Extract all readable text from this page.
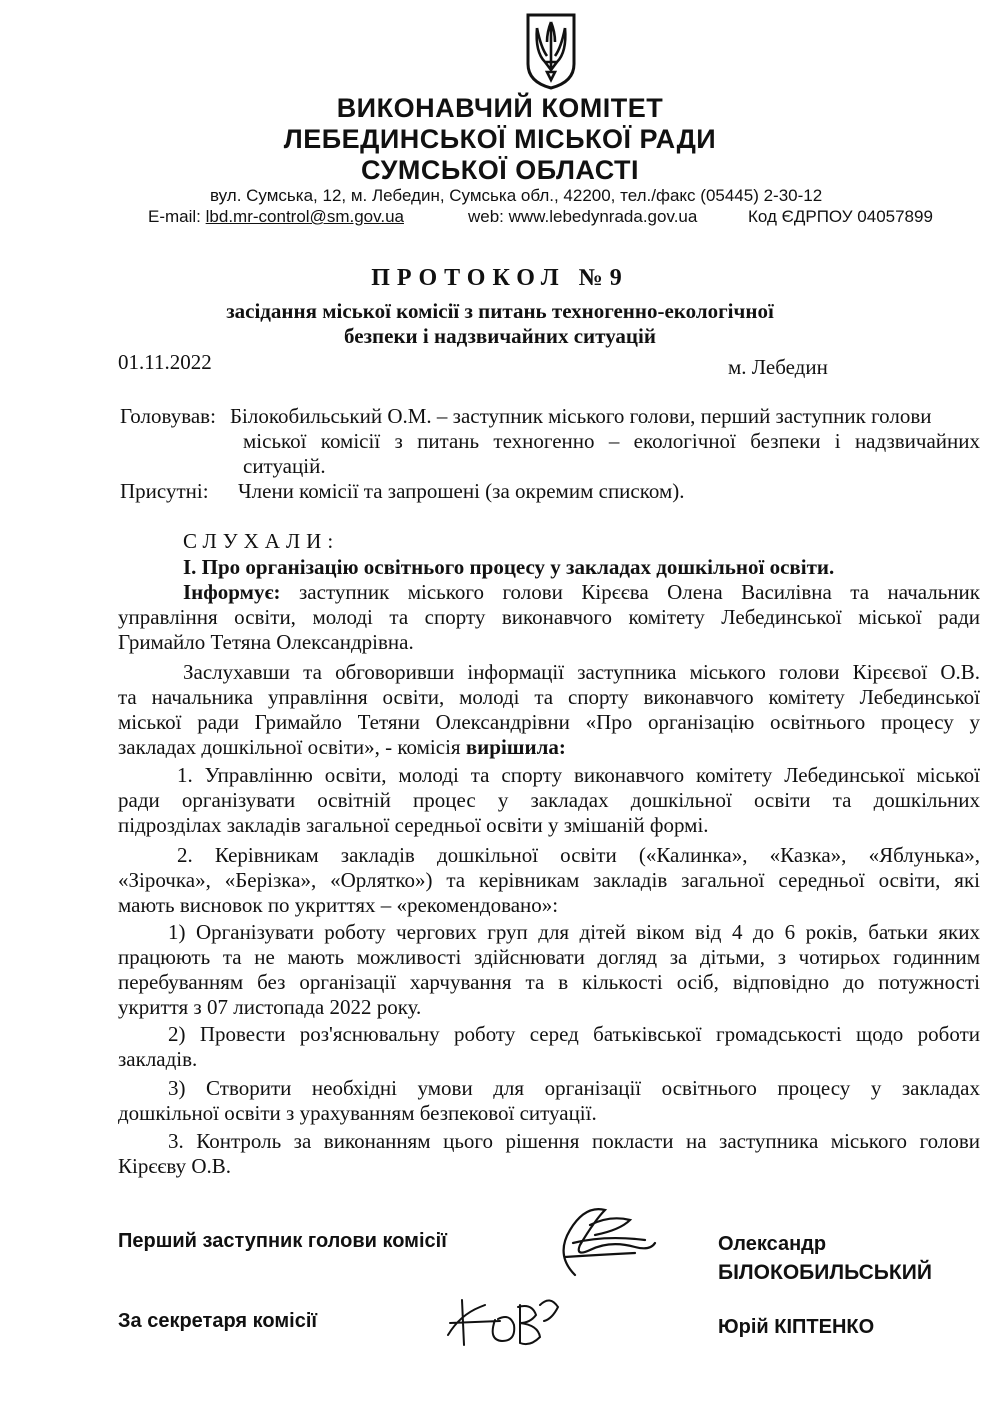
ВИКОНАВЧИЙ КОМІТЕТ
ЛЕБЕДИНСЬКОЇ МІСЬКОЇ РАДИ
СУМСЬКОЇ ОБЛАСТІ
вул. Сумська, 12, м. Лебедин, Сумська обл., 42200, тел./факс (05445) 2-30-12
E-mail: lbd.mr-control@sm.gov.ua	web: www.lebedynrada.gov.ua	Код ЄДРПОУ 04057899
ПРОТОКОЛ №9
засідання міської комісії з питань техногенно-екологічної
безпеки і надзвичайних ситуацій
01.11.2022	м. Лебедин
Головував: Білокобильський О.М. – заступник міського голови, перший заступник голови
міської комісії з питань техногенно – екологічної безпеки і надзвичайних
ситуацій.
Присутні: Члени комісії та запрошені (за окремим списком).
СЛУХАЛИ:
І. Про організацію освітнього процесу у закладах дошкільної освіти.
Інформує: заступник міського голови Кірєєва Олена Василівна та начальник
управління освіти, молоді та спорту виконавчого комітету Лебединської міської ради
Гримайло Тетяна Олександрівна.
Заслухавши та обговоривши інформації заступника міського голови Кірєєвої О.В.
та начальника управління освіти, молоді та спорту виконавчого комітету Лебединської
міської ради Гримайло Тетяни Олександрівни «Про організацію освітнього процесу у
закладах дошкільної освіти», - комісія вирішила:
1. Управлінню освіти, молоді та спорту виконавчого комітету Лебединської міської
ради організувати освітній процес у закладах дошкільної освіти та дошкільних
підрозділах закладів загальної середньої освіти у змішаній формі.
2. Керівникам закладів дошкільної освіти («Калинка», «Казка», «Яблунька»,
«Зірочка», «Берізка», «Орлятко») та керівникам закладів загальної середньої освіти, які
мають висновок по укриттях – «рекомендовано»:
1) Організувати роботу чергових груп для дітей віком від 4 до 6 років, батьки яких
працюють та не мають можливості здійснювати догляд за дітьми, з чотирьох годинним
перебуванням без організації харчування та в кількості осіб, відповідно до потужності
укриття з 07 листопада 2022 року.
2) Провести роз'яснювальну роботу серед батьківської громадськості щодо роботи
закладів.
3) Створити необхідні умови для організації освітнього процесу у закладах
дошкільної освіти з урахуванням безпекової ситуації.
3. Контроль за виконанням цього рішення покласти на заступника міського голови
Кірєєву О.В.
Перший заступник голови комісії	Олександр
БІЛОКОБИЛЬСЬКИЙ
За секретаря комісії	Юрій КІПТЕНКО
